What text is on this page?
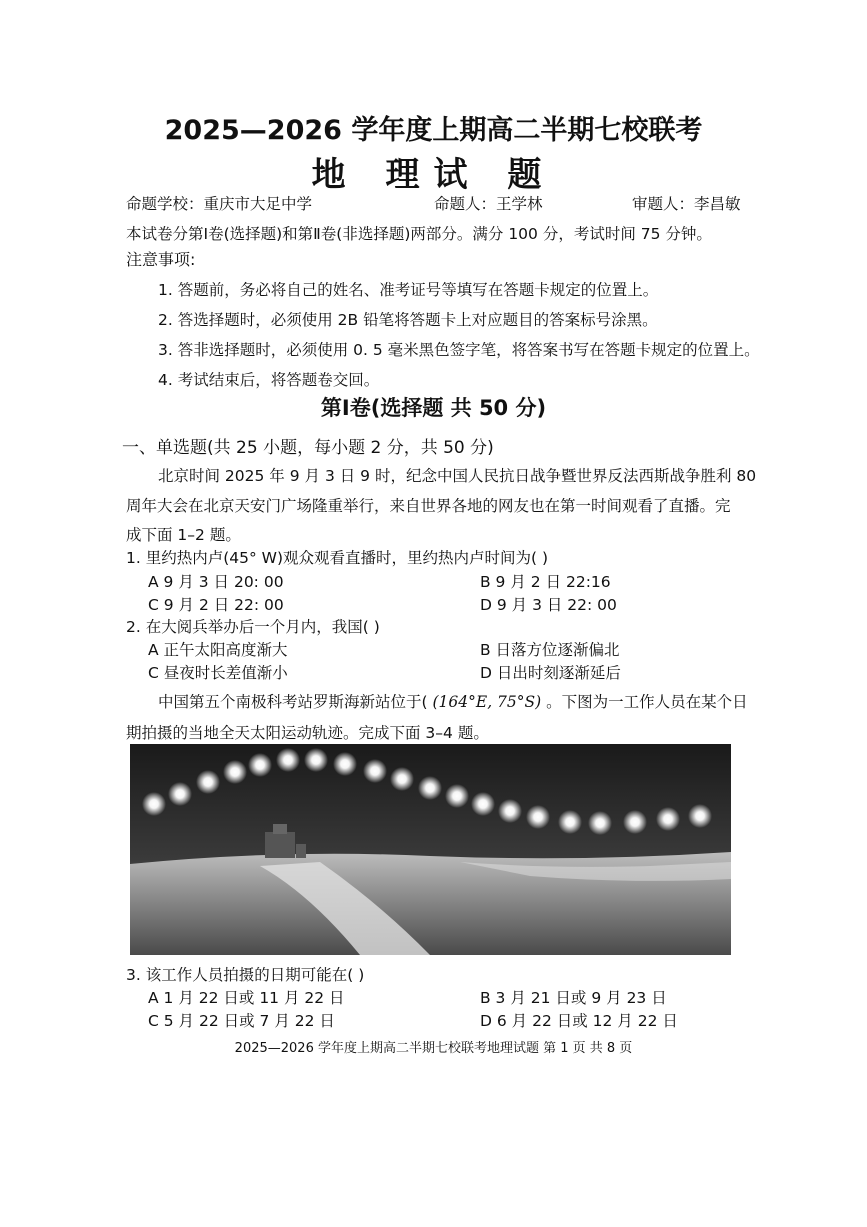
2025—2026 学年度上期高二半期七校联考
地 理试 题
命题学校：重庆市大足中学	命题人：王学林	审题人：李昌敏
本试卷分第Ⅰ卷(选择题)和第Ⅱ卷(非选择题)两部分。满分 100 分，考试时间 75 分钟。
注意事项:
1. 答题前，务必将自己的姓名、准考证号等填写在答题卡规定的位置上。
2. 答选择题时，必须使用 2B 铅笔将答题卡上对应题目的答案标号涂黑。
3. 答非选择题时，必须使用 0. 5 毫米黑色签字笔，将答案书写在答题卡规定的位置上。
4. 考试结束后，将答题卷交回。
第Ⅰ卷(选择题 共 50 分)
一、单选题(共 25 小题，每小题 2 分，共 50 分)
北京时间 2025 年 9 月 3 日 9 时，纪念中国人民抗日战争暨世界反法西斯战争胜利 80
周年大会在北京天安门广场隆重举行，来自世界各地的网友也在第一时间观看了直播。完
成下面 1–2 题。
1. 里约热内卢(45° W)观众观看直播时，里约热内卢时间为( )
A 9 月 3 日 20: 00	B 9 月 2 日 22:16
C 9 月 2 日 22: 00	D 9 月 3 日 22: 00
2. 在大阅兵举办后一个月内，我国( )
A 正午太阳高度渐大	B 日落方位逐渐偏北
C 昼夜时长差值渐小	D 日出时刻逐渐延后
中国第五个南极科考站罗斯海新站位于( (164°E, 75°S) 。下图为一工作人员在某个日
期拍摄的当地全天太阳运动轨迹。完成下面 3–4 题。
3. 该工作人员拍摄的日期可能在( )
A 1 月 22 日或 11 月 22 日	B 3 月 21 日或 9 月 23 日
C 5 月 22 日或 7 月 22 日	D 6 月 22 日或 12 月 22 日
2025—2026 学年度上期高二半期七校联考地理试题 第 1 页 共 8 页
